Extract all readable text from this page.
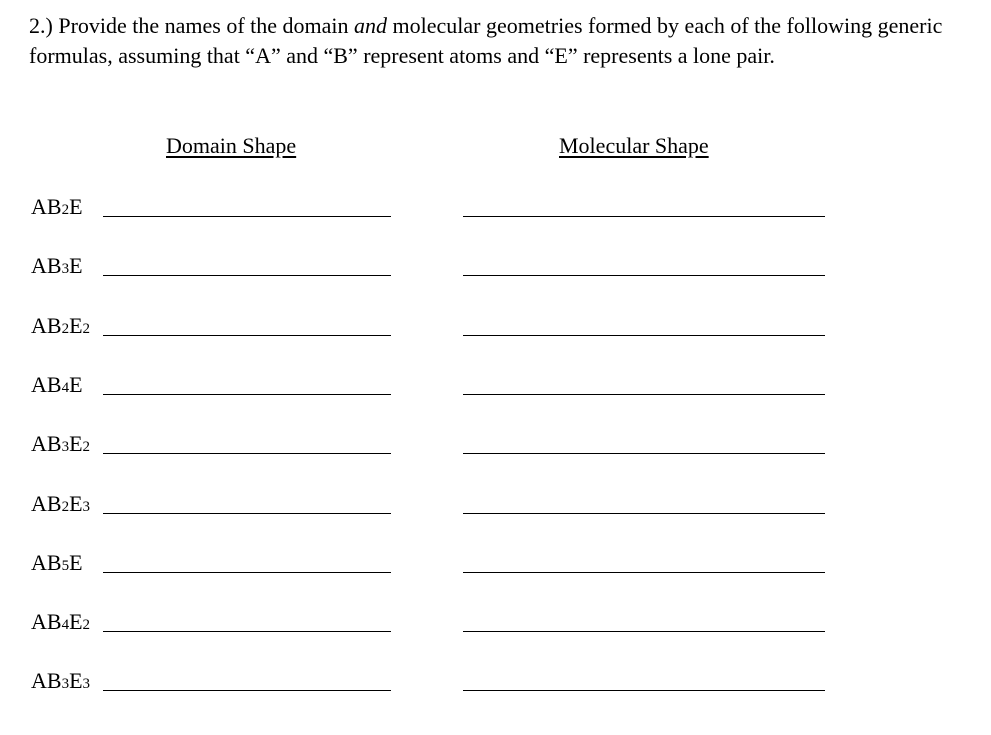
2.) Provide the names of the domain and molecular geometries formed by each of the following generic formulas, assuming that “A” and “B” represent atoms and “E” represents a lone pair.

Domain Shape	Molecular Shape
AB2E
AB3E
AB2E2
AB4E
AB3E2
AB2E3
AB5E
AB4E2
AB3E3
